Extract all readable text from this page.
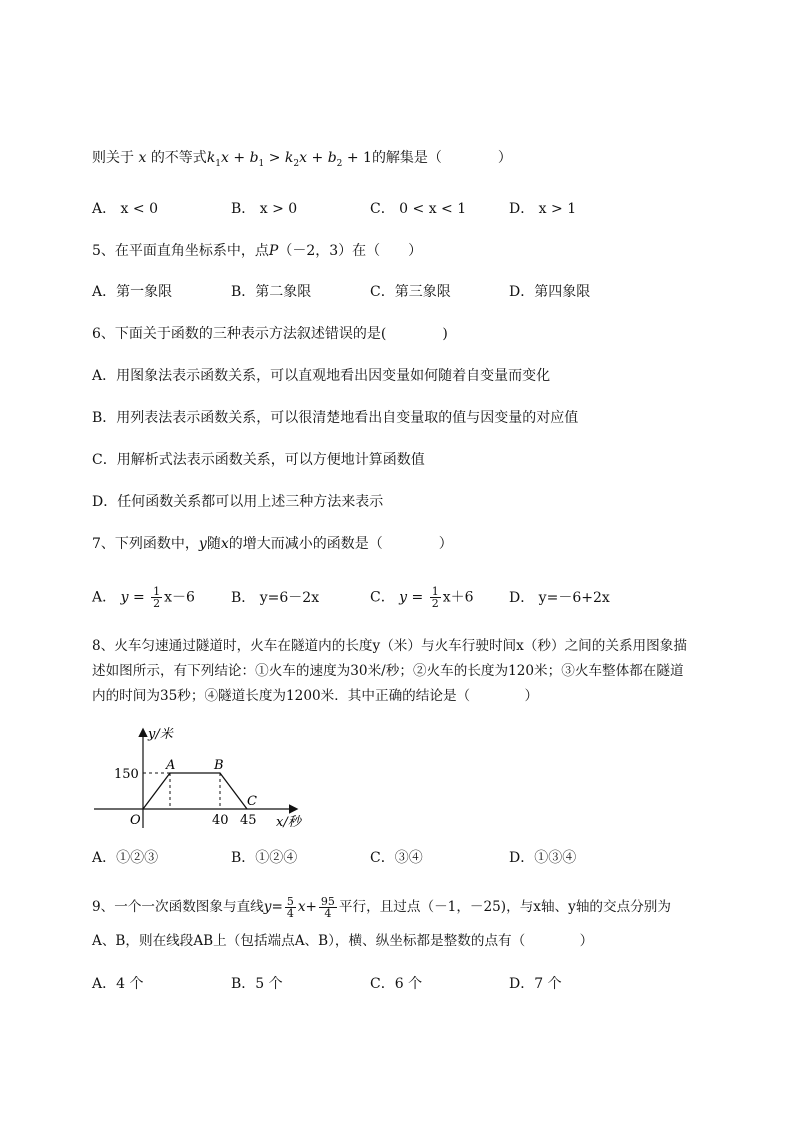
则关于 x 的不等式$k_1x + b_1 > k_2x + b_2 + 1$的解集是（　　　　）
A． x < 0	B． x > 0	C． 0 < x < 1	D． x > 1
5、在平面直角坐标系中，点P（－2，3）在（　　）
A．第一象限	B．第二象限	C．第三象限	D．第四象限
6、下面关于函数的三种表示方法叙述错误的是(　　　　)
A．用图象法表示函数关系，可以直观地看出因变量如何随着自变量而变化
B．用列表法表示函数关系，可以很清楚地看出自变量取的值与因变量的对应值
C．用解析式法表示函数关系，可以方便地计算函数值
D．任何函数关系都可以用上述三种方法来表示
7、下列函数中，y随x的增大而减小的函数是（　　　　）
A． $y = \frac{1}{2} x-6$	B． y=6－2x	C． $y = \frac{1}{2} x+6$	D． y=－6+2x
8、火车匀速通过隧道时，火车在隧道内的长度y（米）与火车行驶时间x（秒）之间的关系用图象描
述如图所示，有下列结论：①火车的速度为30米/秒；②火车的长度为120米；③火车整体都在隧道
内的时间为35秒；④隧道长度为1200米．其中正确的结论是（　　　　）
y/米
x/秒
O
150
40 45
A	B
C
A．①②③	B．①②④	C．③④	D．①③④
9、一个一次函数图象与直线$y= \frac{5}{4} x+ \frac{95}{4}$ 平行，且过点（－1，－25)，与x轴、y轴的交点分别为
A、B，则在线段AB上（包括端点A、B），横、纵坐标都是整数的点有（　　　　）
A．4 个	B．5 个	C．6 个	D．7 个
